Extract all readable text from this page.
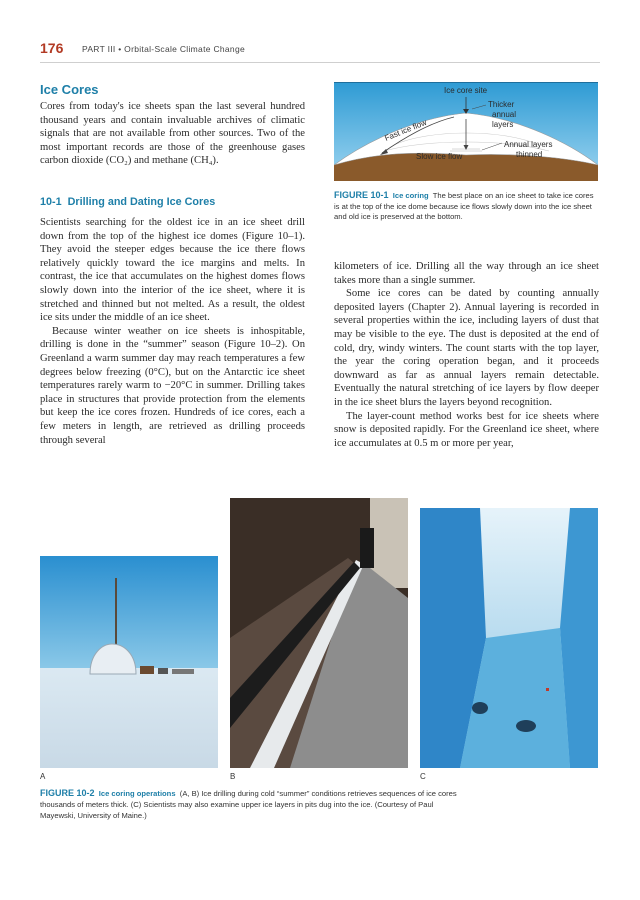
176 PART III • Orbital-Scale Climate Change
Ice Cores

Cores from today's ice sheets span the last several hundred thousand years and contain invaluable archives of climatic signals that are not available from other sources. Two of the most important records are those of the greenhouse gases carbon dioxide (CO₂) and methane (CH₄).

10-1 Drilling and Dating Ice Cores

Scientists searching for the oldest ice in an ice sheet drill down from the top of the highest ice domes (Figure 10–1). They avoid the steeper edges because the ice there flows relatively quickly toward the ice margins and melts. In contrast, the ice that accumulates on the highest domes flows slowly down into the interior of the ice sheet, where it is stretched and thinned but not melted. As a result, the oldest ice sits under the middle of an ice sheet.

Because winter weather on ice sheets is inhospitable, drilling is done in the “summer” season (Figure 10–2). On Greenland a warm summer day may reach temperatures a few degrees below freezing (0°C), but on the Antarctic ice sheet temperatures rarely warm to −20°C in summer. Drilling takes place in structures that provide protection from the elements but keep the ice cores frozen. Hundreds of ice cores, each a few meters in length, are retrieved as drilling proceeds through several

Ice core site
Thicker
annual
layers
Fast ice flow
Slow ice flow
Annual layers
thinned
FIGURE 10-1 Ice coring The best place on an ice sheet to take ice cores is at the top of the ice dome because ice flows slowly down into the ice sheet and old ice is preserved at the bottom.

kilometers of ice. Drilling all the way through an ice sheet takes more than a single summer.

Some ice cores can be dated by counting annually deposited layers (Chapter 2). Annual layering is recorded in several properties within the ice, including layers of dust that may be visible to the eye. The dust is deposited at the end of cold, dry, windy winters. The count starts with the top layer, the year the coring operation began, and it proceeds downward as far as annual layers remain detectable. Eventually the natural stretching of ice layers by flow deeper in the ice sheet blurs the layers beyond recognition.

The layer-count method works best for ice sheets where snow is deposited rapidly. For the Greenland ice sheet, where ice accumulates at 0.5 m or more per year,

A	B	C
FIGURE 10-2 Ice coring operations (A, B) Ice drilling during cold “summer” conditions retrieves sequences of ice cores thousands of meters thick. (C) Scientists may also examine upper ice layers in pits dug into the ice. (Courtesy of Paul Mayewski, University of Maine.)
